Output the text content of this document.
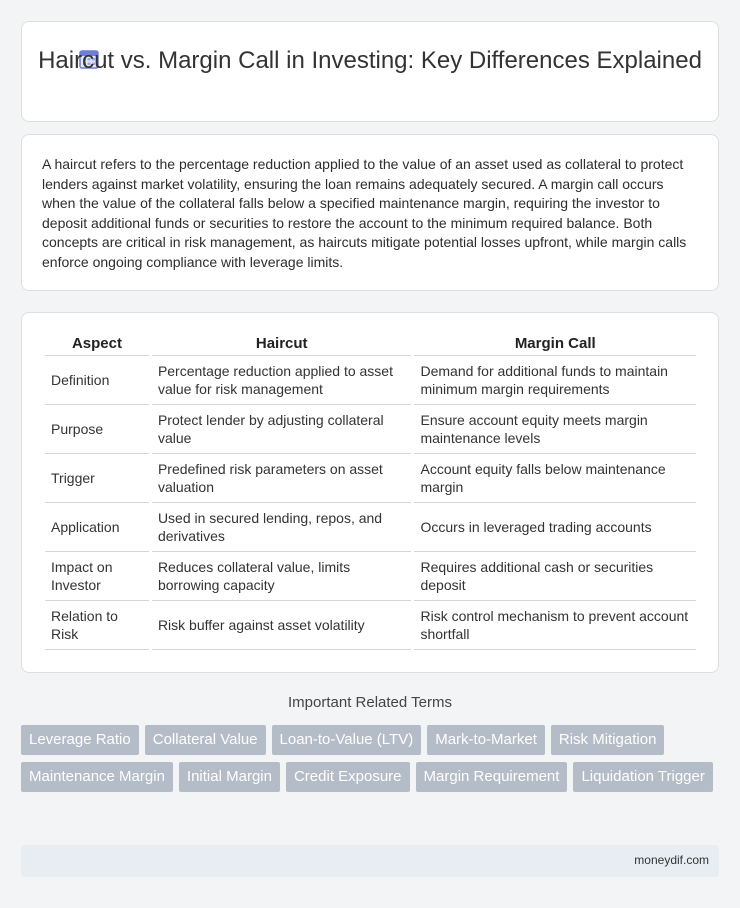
Haircut vs. Margin Call in Investing: Key Differences Explained

A haircut refers to the percentage reduction applied to the value of an asset used as collateral to protect lenders against market volatility, ensuring the loan remains adequately secured. A margin call occurs when the value of the collateral falls below a specified maintenance margin, requiring the investor to deposit additional funds or securities to restore the account to the minimum required balance. Both concepts are critical in risk management, as haircuts mitigate potential losses upfront, while margin calls enforce ongoing compliance with leverage limits.

Aspect	Haircut	Margin Call
Definition	Percentage reduction applied to asset value for risk management	Demand for additional funds to maintain minimum margin requirements
Purpose	Protect lender by adjusting collateral value	Ensure account equity meets margin maintenance levels
Trigger	Predefined risk parameters on asset valuation	Account equity falls below maintenance margin
Application	Used in secured lending, repos, and derivatives	Occurs in leveraged trading accounts
Impact on Investor	Reduces collateral value, limits borrowing capacity	Requires additional cash or securities deposit
Relation to Risk	Risk buffer against asset volatility	Risk control mechanism to prevent account shortfall
Important Related Terms
Leverage Ratio	Collateral Value	Loan-to-Value (LTV)	Mark-to-Market	Risk Mitigation
Maintenance Margin	Initial Margin	Credit Exposure	Margin Requirement	Liquidation Trigger
moneydif.com
